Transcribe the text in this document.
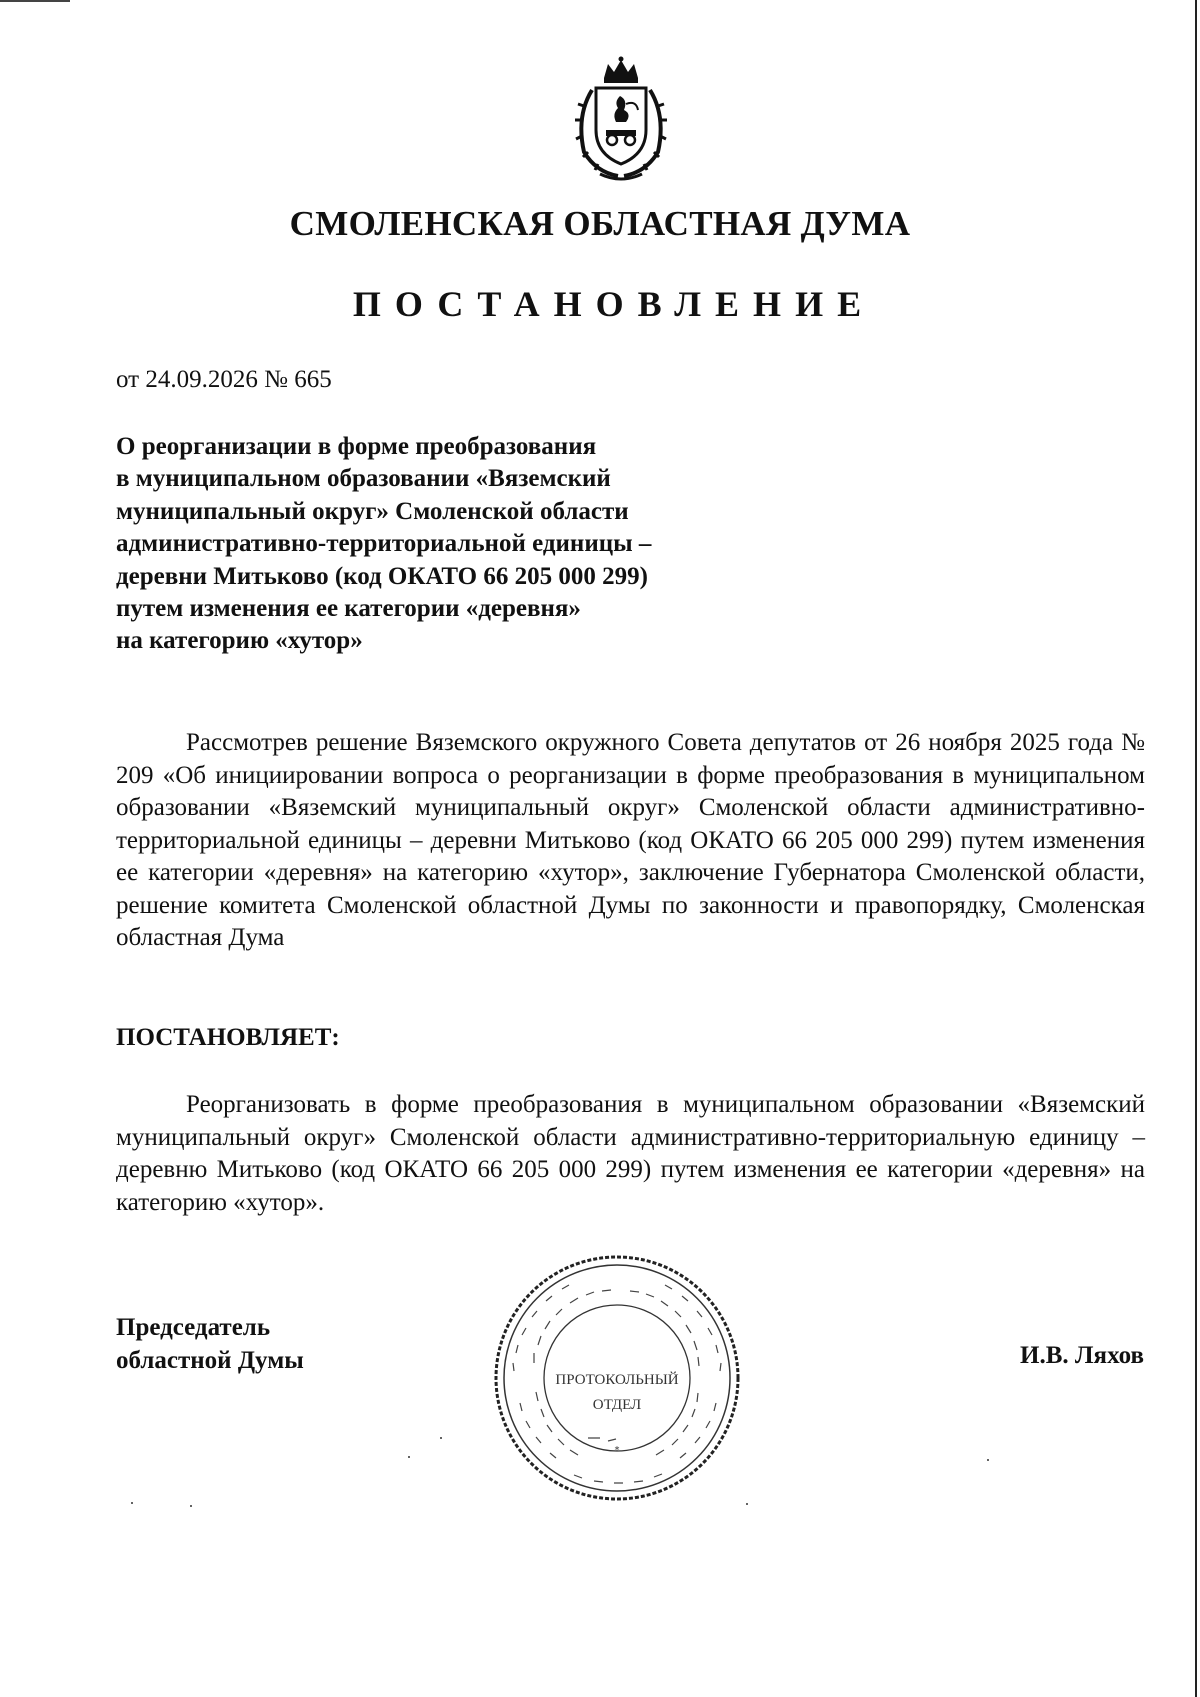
СМОЛЕНСКАЯ ОБЛАСТНАЯ ДУМА
ПОСТАНОВЛЕНИЕ
от 24.09.2026 № 665
О реорганизации в форме преобразования
в муниципальном образовании «Вяземский
муниципальный округ» Смоленской области
административно-территориальной единицы –
деревни Митьково (код ОКАТО 66 205 000 299)
путем изменения ее категории «деревня»
на категорию «хутор»

Рассмотрев решение Вяземского окружного Совета депутатов от 26 ноября 2025 года № 209 «Об инициировании вопроса о реорганизации в форме преобразования в муниципальном образовании «Вяземский муниципальный округ» Смоленской области административно-территориальной единицы – деревни Митьково (код ОКАТО 66 205 000 299) путем изменения ее категории «деревня» на категорию «хутор», заключение Губернатора Смоленской области, решение комитета Смоленской областной Думы по законности и правопорядку, Смоленская областная Дума

ПОСТАНОВЛЯЕТ:

Реорганизовать в форме преобразования в муниципальном образовании «Вяземский муниципальный округ» Смоленской области административно-территориальную единицу – деревню Митьково (код ОКАТО 66 205 000 299) путем изменения ее категории «деревня» на категорию «хутор».

Председатель
областной Думы
ПРОТОКОЛЬНЫЙ
ОТДЕЛ
*
И.В. Ляхов
